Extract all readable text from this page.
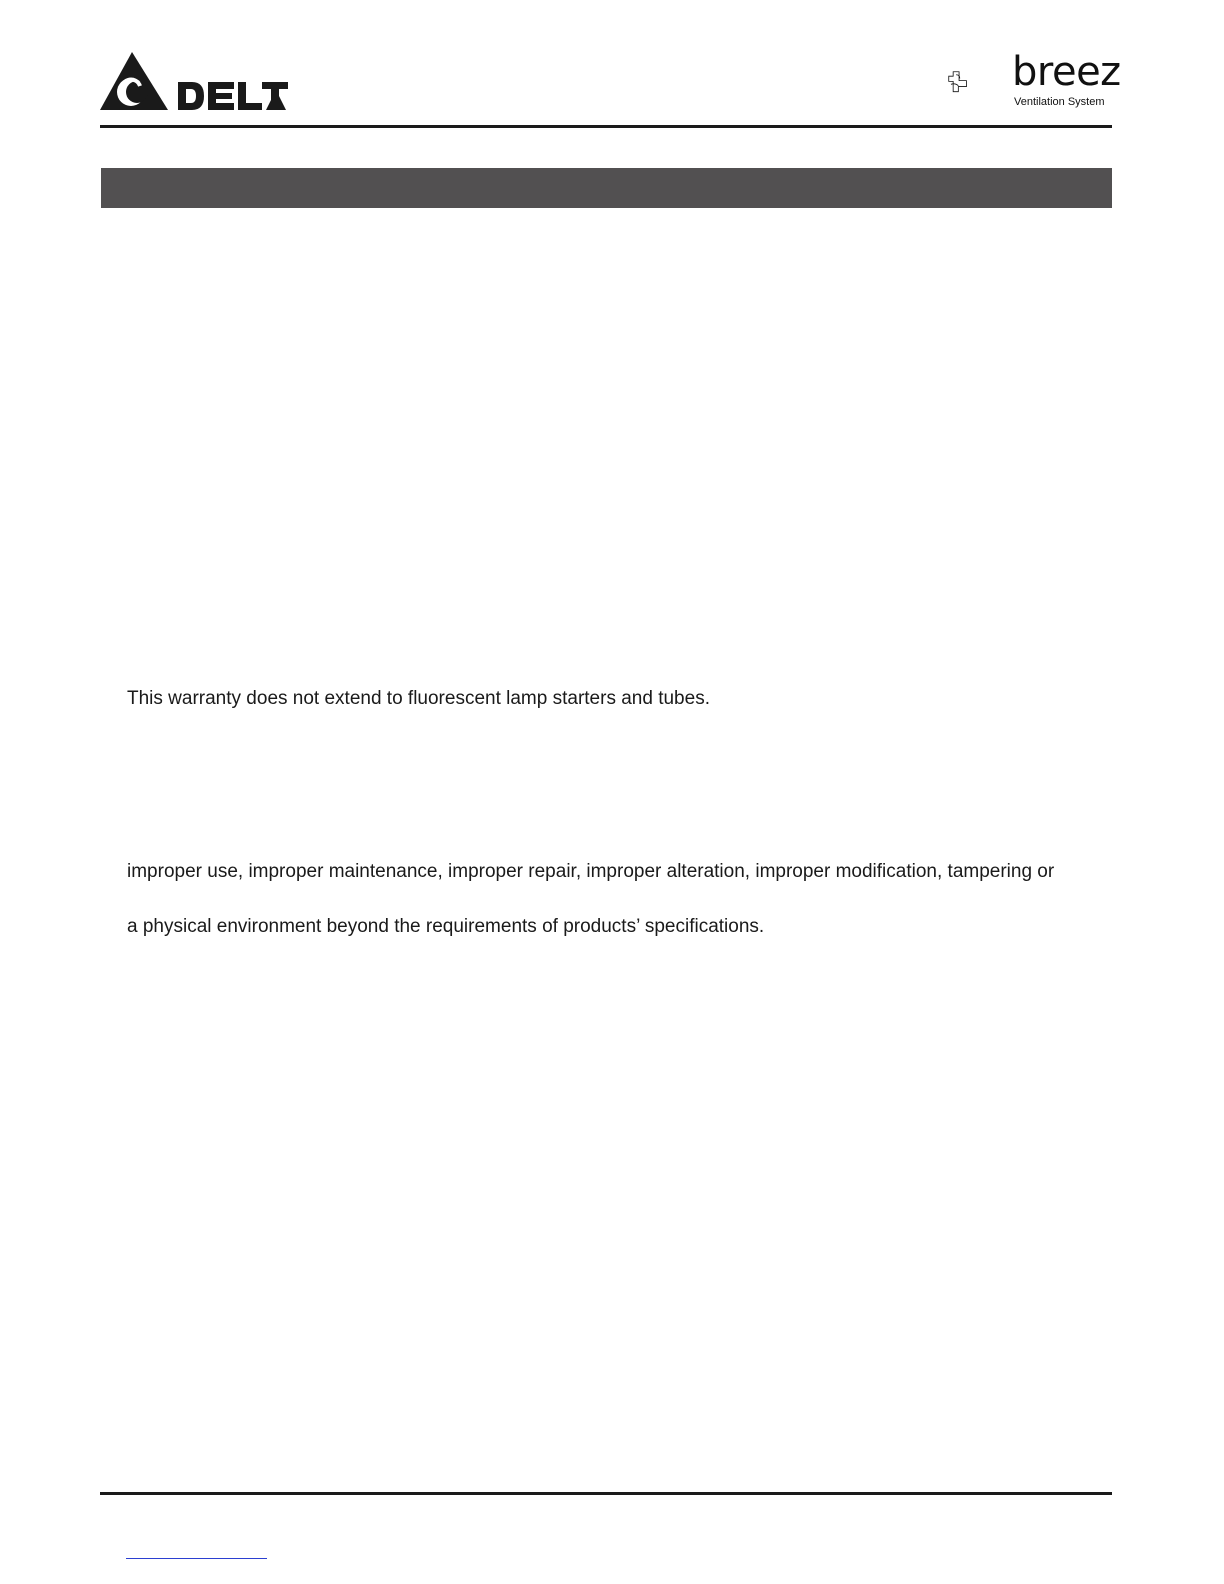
breez
Ventilation System
This warranty does not extend to fluorescent lamp starters and tubes.
improper use, improper maintenance, improper repair, improper alteration, improper modification, tampering or
a physical environment beyond the requirements of products’ specifications.
